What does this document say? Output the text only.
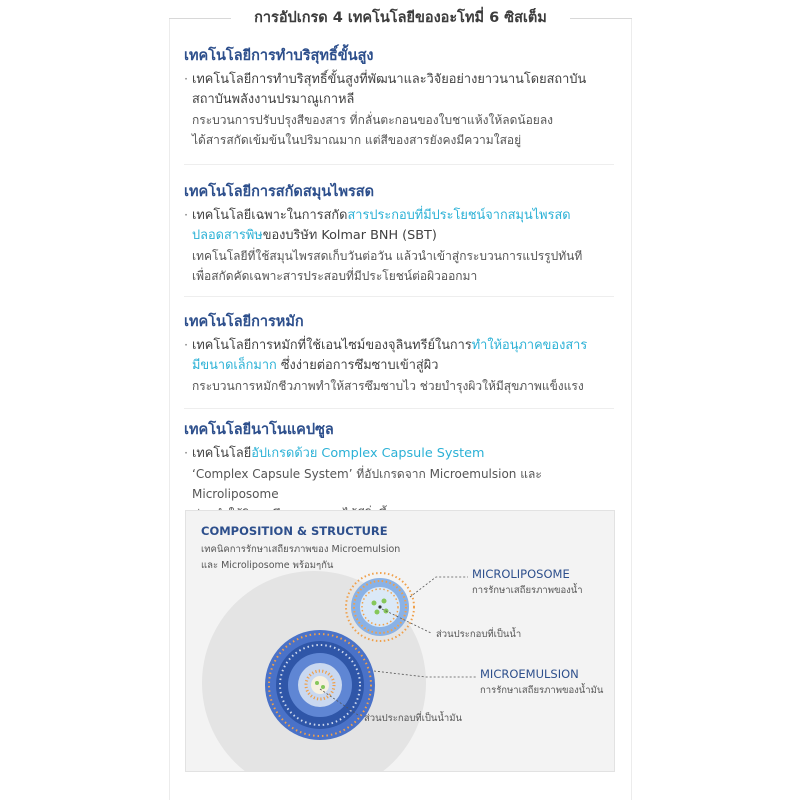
การอัปเกรด 4 เทคโนโลยีของอะโทมี่ 6 ซิสเต็ม
เทคโนโลยีการทำบริสุทธิ์ขั้นสูง
· เทคโนโลยีการทำบริสุทธิ์ขั้นสูงที่พัฒนาและวิจัยอย่างยาวนานโดยสถาบัน
สถาบันพลังงานปรมาณูเกาหลี
กระบวนการปรับปรุงสีของสาร ที่กลั่นตะกอนของใบชาแห้งให้ลดน้อยลง
ได้สารสกัดเข้มข้นในปริมาณมาก แต่สีของสารยังคงมีความใสอยู่
เทคโนโลยีการสกัดสมุนไพรสด
· เทคโนโลยีเฉพาะในการสกัดสารประกอบที่มีประโยชน์จากสมุนไพรสด
ปลอดสารพิษของบริษัท Kolmar BNH (SBT)
เทคโนโลยีที่ใช้สมุนไพรสดเก็บวันต่อวัน แล้วนำเข้าสู่กระบวนการแปรรูปทันที
เพื่อสกัดคัดเฉพาะสารประสอบที่มีประโยชน์ต่อผิวออกมา
เทคโนโลยีการหมัก
· เทคโนโลยีการหมักที่ใช้เอนไซม์ของจุลินทรีย์ในการทำให้อนุภาคของสาร
มีขนาดเล็กมาก ซึ่งง่ายต่อการซึมซาบเข้าสู่ผิว
กระบวนการหมักชีวภาพทำให้สารซึมซาบไว ช่วยบำรุงผิวให้มีสุขภาพแข็งแรง
เทคโนโลยีนาโนแคปซูล
· เทคโนโลยีอัปเกรดด้วย Complex Capsule System
‘Complex Capsule System’ ที่อัปเกรดจาก Microemulsion และ Microliposome
COMPOSITION & STRUCTURE
เทคนิคการรักษาเสถียรภาพของ Microemulsion
และ Microliposome พร้อมๆกัน
MICROLIPOSOME
การรักษาเสถียรภาพของน้ำ
ส่วนประกอบที่เป็นน้ำ
MICROEMULSION
การรักษาเสถียรภาพของน้ำมัน
ส่วนประกอบที่เป็นน้ำมัน
